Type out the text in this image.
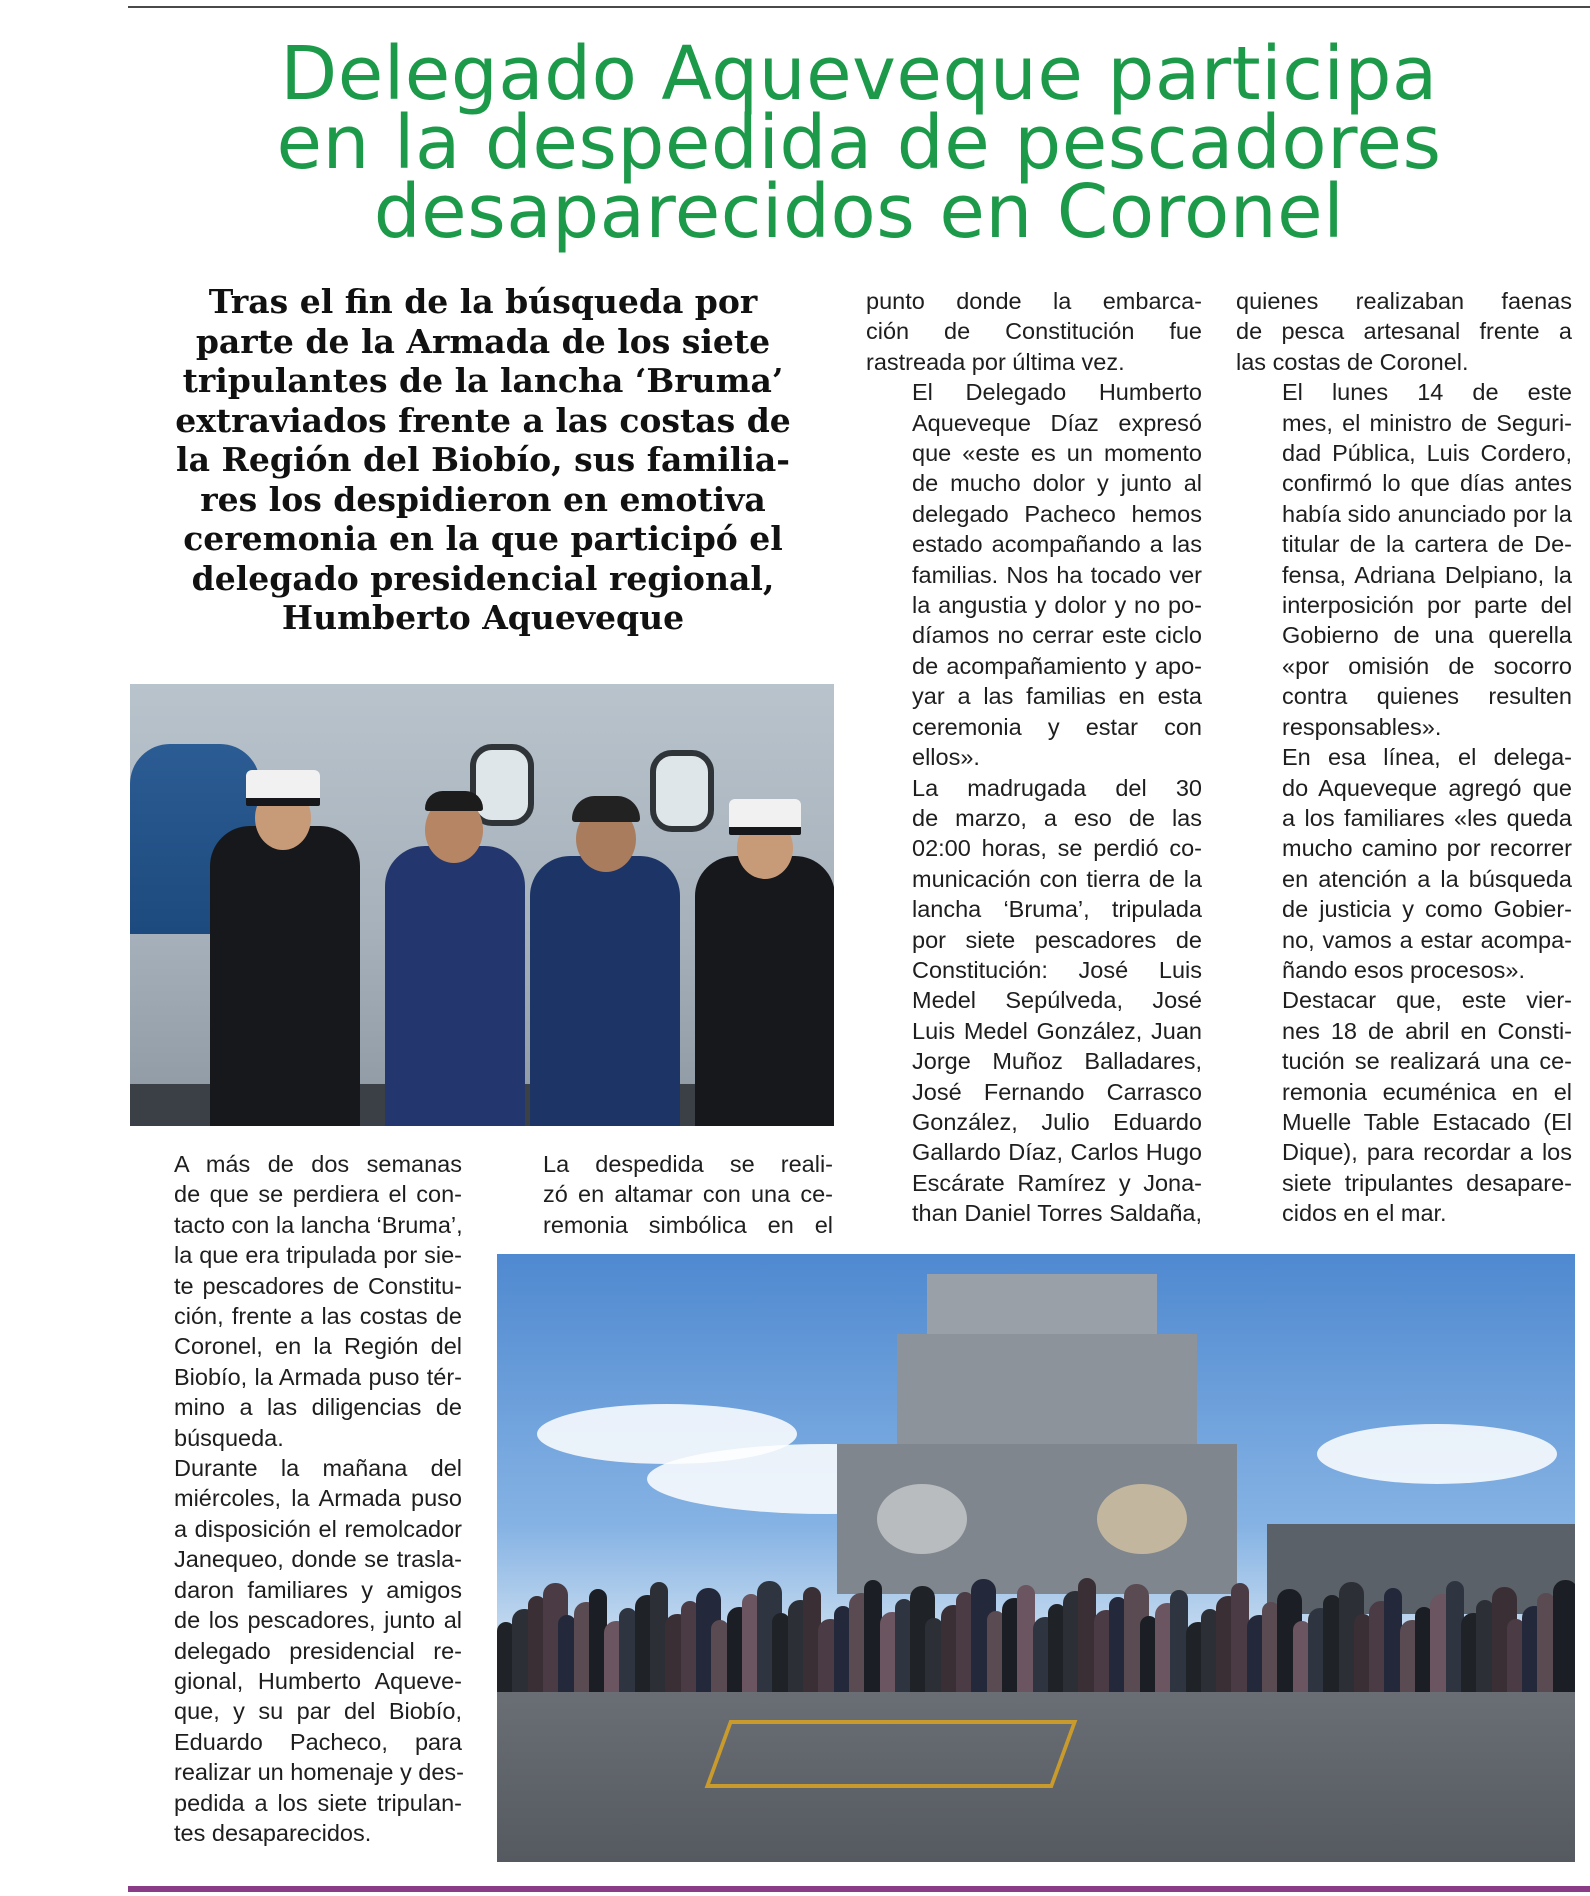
Delegado Aqueveque participa
en la despedida de pescadores
desaparecidos en Coronel
Tras el fin de la búsqueda por
parte de la Armada de los siete
tripulantes de la lancha ‘Bruma’
extraviados frente a las costas de
la Región del Biobío, sus familia-
res los despidieron en emotiva
ceremonia en la que participó el
delegado presidencial regional,
Humberto Aqueveque

A más de dos semanas
de que se perdiera el con-
tacto con la lancha ‘Bruma’,
la que era tripulada por sie-
te pescadores de Constitu-
ción, frente a las costas de
Coronel, en la Región del
Biobío, la Armada puso tér-
mino a las diligencias de
búsqueda.

Durante la mañana del
miércoles, la Armada puso
a disposición el remolcador
Janequeo, donde se trasla-
daron familiares y amigos
de los pescadores, junto al
delegado presidencial re-
gional, Humberto Aqueve-
que, y su par del Biobío,
Eduardo Pacheco, para
realizar un homenaje y des-
pedida a los siete tripulan-
tes desaparecidos.

La despedida se reali-
zó en altamar con una ce-
remonia simbólica en el

punto donde la embarca-
ción de Constitución fue
rastreada por última vez.

El Delegado Humberto
Aqueveque Díaz expresó
que «este es un momento
de mucho dolor y junto al
delegado Pacheco hemos
estado acompañando a las
familias. Nos ha tocado ver
la angustia y dolor y no po-
díamos no cerrar este ciclo
de acompañamiento y apo-
yar a las familias en esta
ceremonia y estar con
ellos».

La madrugada del 30
de marzo, a eso de las
02:00 horas, se perdió co-
municación con tierra de la
lancha ‘Bruma’, tripulada
por siete pescadores de
Constitución: José Luis
Medel Sepúlveda, José
Luis Medel González, Juan
Jorge Muñoz Balladares,
José Fernando Carrasco
González, Julio Eduardo
Gallardo Díaz, Carlos Hugo
Escárate Ramírez y Jona-
than Daniel Torres Saldaña,

quienes realizaban faenas
de pesca artesanal frente a
las costas de Coronel.

El lunes 14 de este
mes, el ministro de Seguri-
dad Pública, Luis Cordero,
confirmó lo que días antes
había sido anunciado por la
titular de la cartera de De-
fensa, Adriana Delpiano, la
interposición por parte del
Gobierno de una querella
«por omisión de socorro
contra quienes resulten
responsables».

En esa línea, el delega-
do Aqueveque agregó que
a los familiares «les queda
mucho camino por recorrer
en atención a la búsqueda
de justicia y como Gobier-
no, vamos a estar acompa-
ñando esos procesos».

Destacar que, este vier-
nes 18 de abril en Consti-
tución se realizará una ce-
remonia ecuménica en el
Muelle Table Estacado (El
Dique), para recordar a los
siete tripulantes desapare-
cidos en el mar.
